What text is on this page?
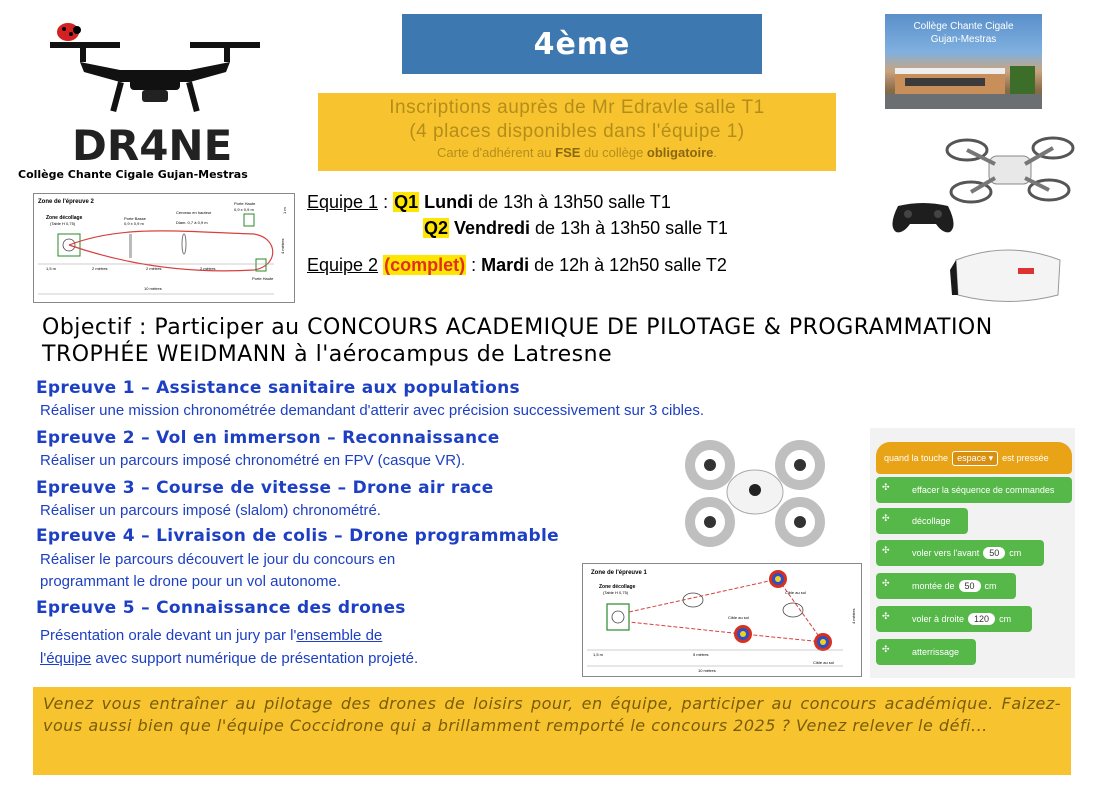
DR4NE
Collège Chante Cigale Gujan-Mestras
4ème	Collège Chante Cigale
Gujan-Mestras
Inscriptions auprès de Mr Edravle salle T1
(4 places disponibles dans l'équipe 1)
Carte d'adhérent au FSE du collège obligatoire.
Zone de l'épreuve 2
Zone décollage
(Table H 0,75)
Porte Basse
0,9 x 0,9 m
Cerceau en hauteur
Diam. 0,7 à 0,9 m
Porte Haute
0,9 x 0,9 m
1,5 m	2 mètres	2 mètres	2 mètres
10 mètres
4 mètres
1 m
Porte Haute
Equipe 1 : Q1 Lundi de 13h à 13h50 salle T1
Q2 Vendredi de 13h à 13h50 salle T1
Equipe 2 (complet) : Mardi de 12h à 12h50 salle T2
Objectif : Participer au CONCOURS ACADEMIQUE DE PILOTAGE & PROGRAMMATION TROPHÉE WEIDMANN à l'aérocampus de Latresne
Epreuve 1 – Assistance sanitaire aux populations
Réaliser une mission chronométrée demandant d'atterir avec précision successivement sur 3 cibles.
Epreuve 2 – Vol en immerson – Reconnaissance
Réaliser un parcours imposé chronométré en FPV (casque VR).
Epreuve 3 – Course de vitesse – Drone air race
Réaliser un parcours imposé (slalom) chronométré.
Epreuve 4 – Livraison de colis – Drone programmable
Réaliser le parcours découvert le jour du concours en
programmant le drone pour un vol autonome.
Epreuve 5 – Connaissance des drones
Présentation orale devant un jury par l'ensemble de
l'équipe avec support numérique de présentation projeté.
Zone de l'épreuve 1
Zone décollage
(Table H 0,75)	Cible au sol
Cible au sol
Cible au sol
1,5 m	5 mètres
10 mètres
4 mètres
quand la touche	espace ▾	est pressée
✣	effacer la séquence de commandes
✣	décollage
✣	voler vers l'avant	50	cm
✣	montée de	50	cm
✣	voler à droite	120	cm
✣	atterrissage
Venez vous entraîner au pilotage des drones de loisirs pour, en équipe, participer au concours académique. Faizez-vous aussi bien que l'équipe Coccidrone qui a brillamment remporté le concours 2025 ? Venez relever le défi...
